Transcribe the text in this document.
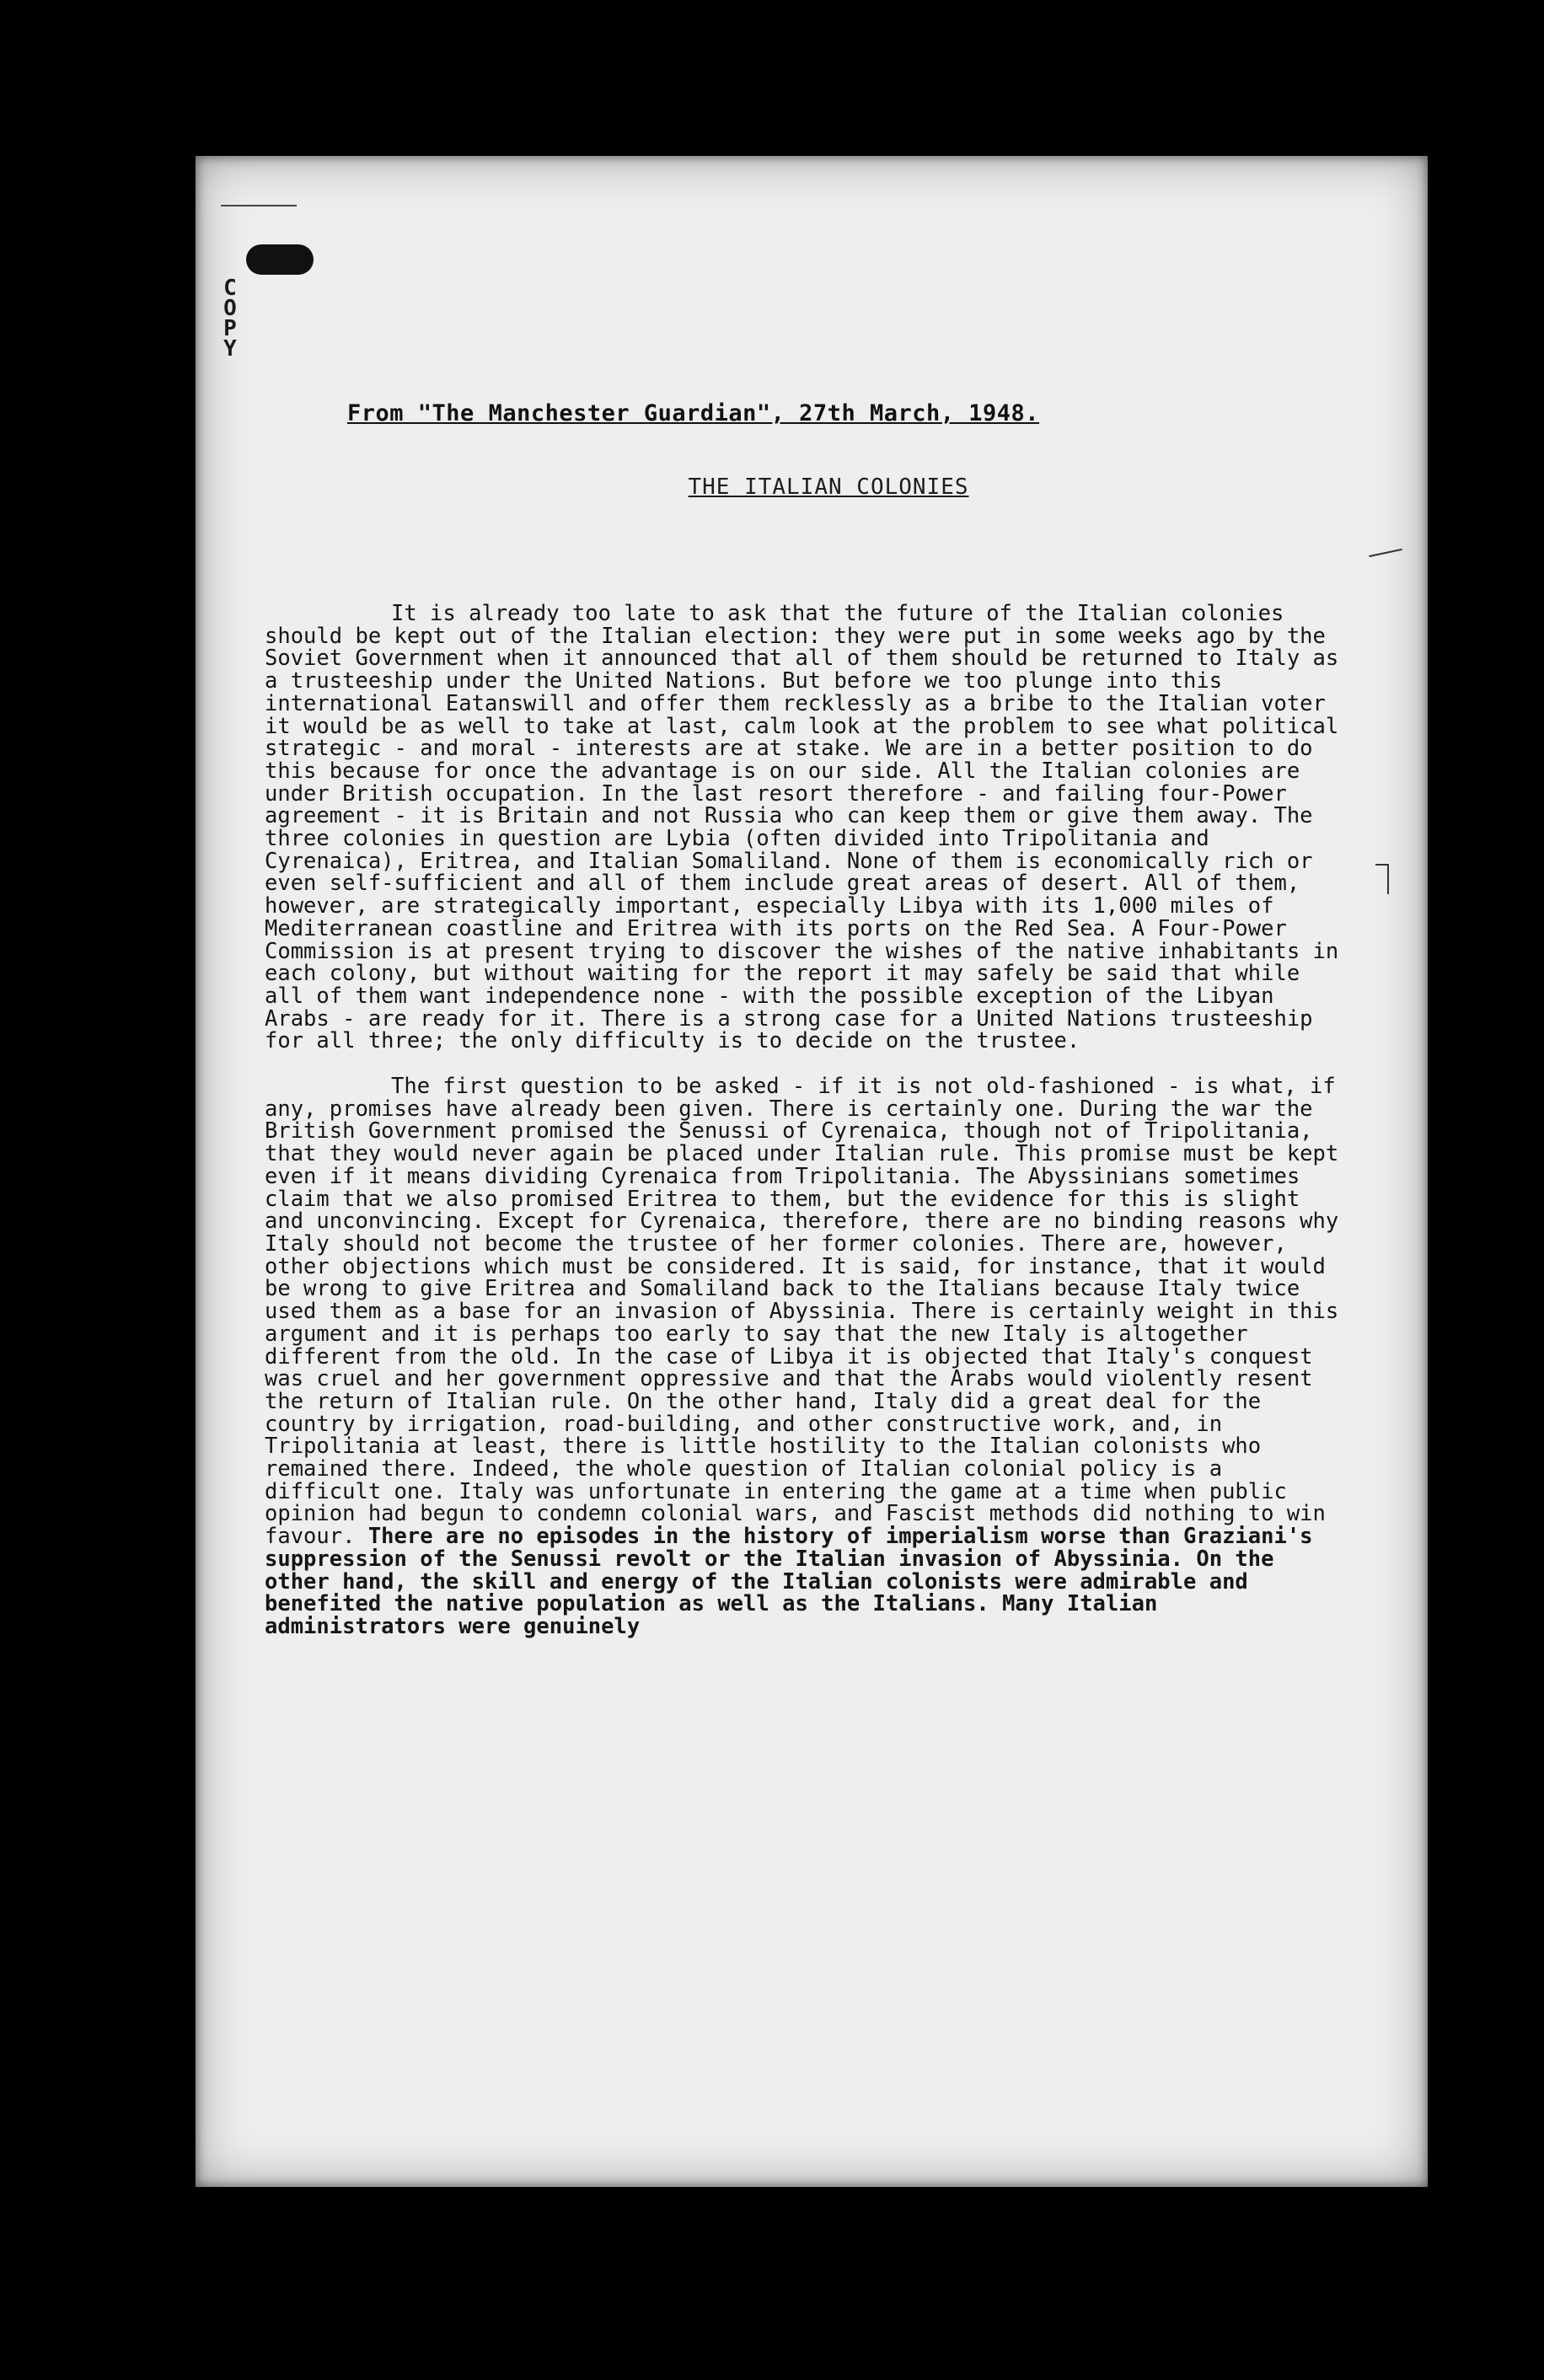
C
O
P
Y
From "The Manchester Guardian", 27th March, 1948.
THE ITALIAN COLONIES

It is already too late to ask that the future of the Italian colonies should be kept out of the Italian election: they were put in some weeks ago by the Soviet Government when it announced that all of them should be returned to Italy as a trusteeship under the United Nations. But before we too plunge into this international Eatanswill and offer them recklessly as a bribe to the Italian voter it would be as well to take at last, calm look at the problem to see what political strategic - and moral - interests are at stake. We are in a better position to do this because for once the advantage is on our side. All the Italian colonies are under British occupation. In the last resort therefore - and failing four-Power agreement - it is Britain and not Russia who can keep them or give them away. The three colonies in question are Lybia (often divided into Tripolitania and Cyrenaica), Eritrea, and Italian Somaliland. None of them is economically rich or even self-sufficient and all of them include great areas of desert. All of them, however, are strategically important, especially Libya with its 1,000 miles of Mediterranean coastline and Eritrea with its ports on the Red Sea. A Four-Power Commission is at present trying to discover the wishes of the native inhabitants in each colony, but without waiting for the report it may safely be said that while all of them want independence none - with the possible exception of the Libyan Arabs - are ready for it. There is a strong case for a United Nations trusteeship for all three; the only difficulty is to decide on the trustee.

The first question to be asked - if it is not old-fashioned - is what, if any, promises have already been given. There is certainly one. During the war the British Government promised the Senussi of Cyrenaica, though not of Tripolitania, that they would never again be placed under Italian rule. This promise must be kept even if it means dividing Cyrenaica from Tripolitania. The Abyssinians sometimes claim that we also promised Eritrea to them, but the evidence for this is slight and unconvincing. Except for Cyrenaica, therefore, there are no binding reasons why Italy should not become the trustee of her former colonies. There are, however, other objections which must be considered. It is said, for instance, that it would be wrong to give Eritrea and Somaliland back to the Italians because Italy twice used them as a base for an invasion of Abyssinia. There is certainly weight in this argument and it is perhaps too early to say that the new Italy is altogether different from the old. In the case of Libya it is objected that Italy's conquest was cruel and her government oppressive and that the Arabs would violently resent the return of Italian rule. On the other hand, Italy did a great deal for the country by irrigation, road-building, and other constructive work, and, in Tripolitania at least, there is little hostility to the Italian colonists who remained there. Indeed, the whole question of Italian colonial policy is a difficult one. Italy was unfortunate in entering the game at a time when public opinion had begun to condemn colonial wars, and Fascist methods did nothing to win favour. There are no episodes in the history of imperialism worse than Graziani's suppression of the Senussi revolt or the Italian invasion of Abyssinia. On the other hand, the skill and energy of the Italian colonists were admirable and benefited the native population as well as the Italians. Many Italian administrators were genuinely
